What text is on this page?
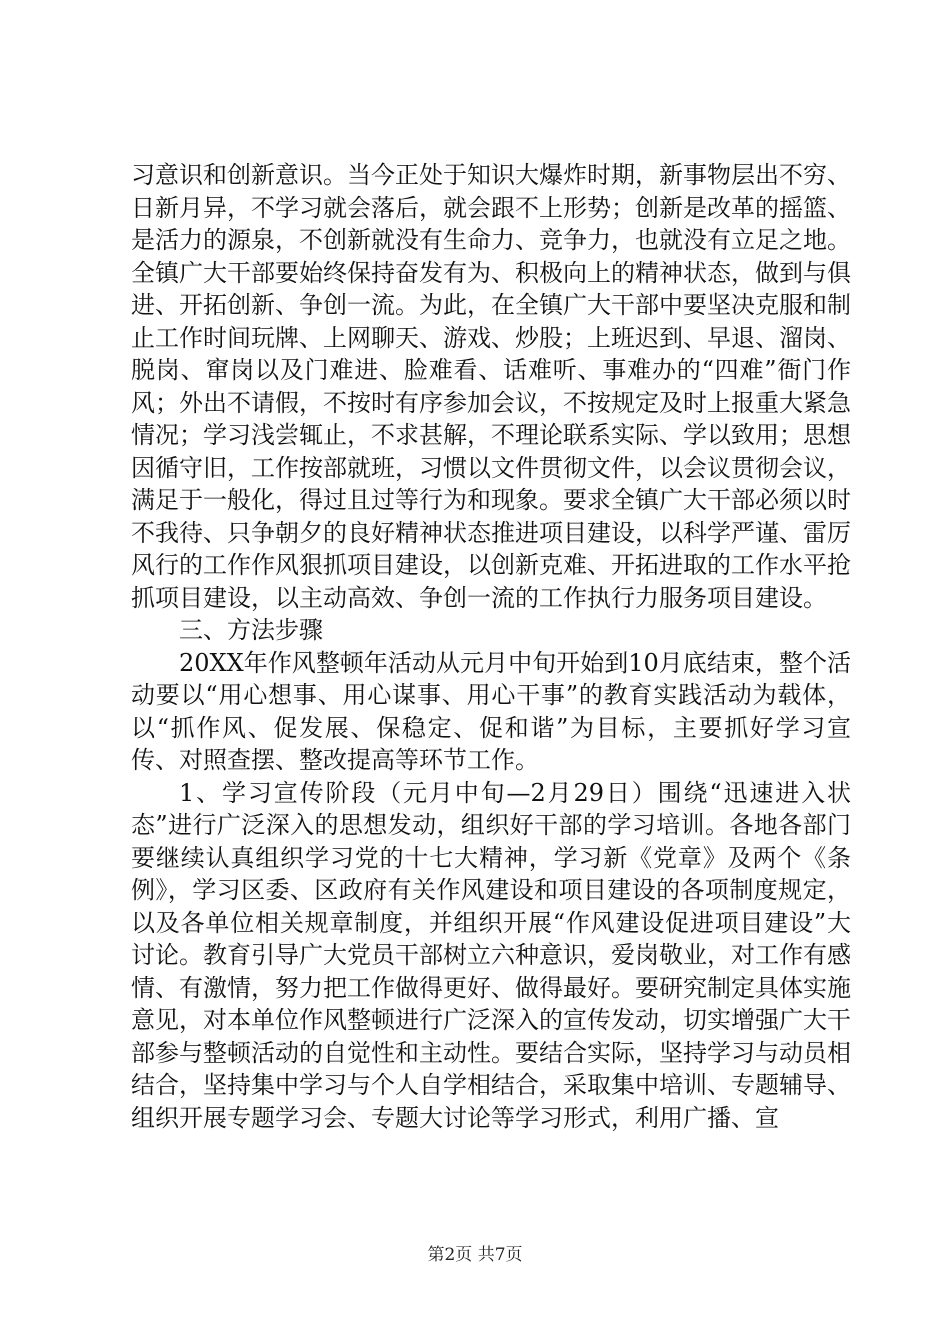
习意识和创新意识。当今正处于知识大爆炸时期，新事物层出不穷、日新月异，不学习就会落后，就会跟不上形势；创新是改革的摇篮、是活力的源泉，不创新就没有生命力、竞争力，也就没有立足之地。全镇广大干部要始终保持奋发有为、积极向上的精神状态，做到与俱进、开拓创新、争创一流。为此，在全镇广大干部中要坚决克服和制止工作时间玩牌、上网聊天、游戏、炒股；上班迟到、早退、溜岗、脱岗、窜岗以及门难进、脸难看、话难听、事难办的“四难”衙门作风；外出不请假，不按时有序参加会议，不按规定及时上报重大紧急情况；学习浅尝辄止，不求甚解，不理论联系实际、学以致用；思想因循守旧，工作按部就班，习惯以文件贯彻文件，以会议贯彻会议，满足于一般化，得过且过等行为和现象。要求全镇广大干部必须以时不我待、只争朝夕的良好精神状态推进项目建设，以科学严谨、雷厉风行的工作作风狠抓项目建设，以创新克难、开拓进取的工作水平抢抓项目建设，以主动高效、争创一流的工作执行力服务项目建设。

三、方法步骤

20XX年作风整顿年活动从元月中旬开始到10月底结束，整个活动要以“用心想事、用心谋事、用心干事”的教育实践活动为载体，以“抓作风、促发展、保稳定、促和谐”为目标，主要抓好学习宣传、对照查摆、整改提高等环节工作。

1、学习宣传阶段（元月中旬—2月29日）围绕“迅速进入状态”进行广泛深入的思想发动，组织好干部的学习培训。各地各部门要继续认真组织学习党的十七大精神，学习新《党章》及两个《条例》，学习区委、区政府有关作风建设和项目建设的各项制度规定，以及各单位相关规章制度，并组织开展“作风建设促进项目建设”大讨论。教育引导广大党员干部树立六种意识，爱岗敬业，对工作有感情、有激情，努力把工作做得更好、做得最好。要研究制定具体实施意见，对本单位作风整顿进行广泛深入的宣传发动，切实增强广大干部参与整顿活动的自觉性和主动性。要结合实际，坚持学习与动员相结合，坚持集中学习与个人自学相结合，采取集中培训、专题辅导、组织开展专题学习会、专题大讨论等学习形式，利用广播、宣

第2页 共7页
